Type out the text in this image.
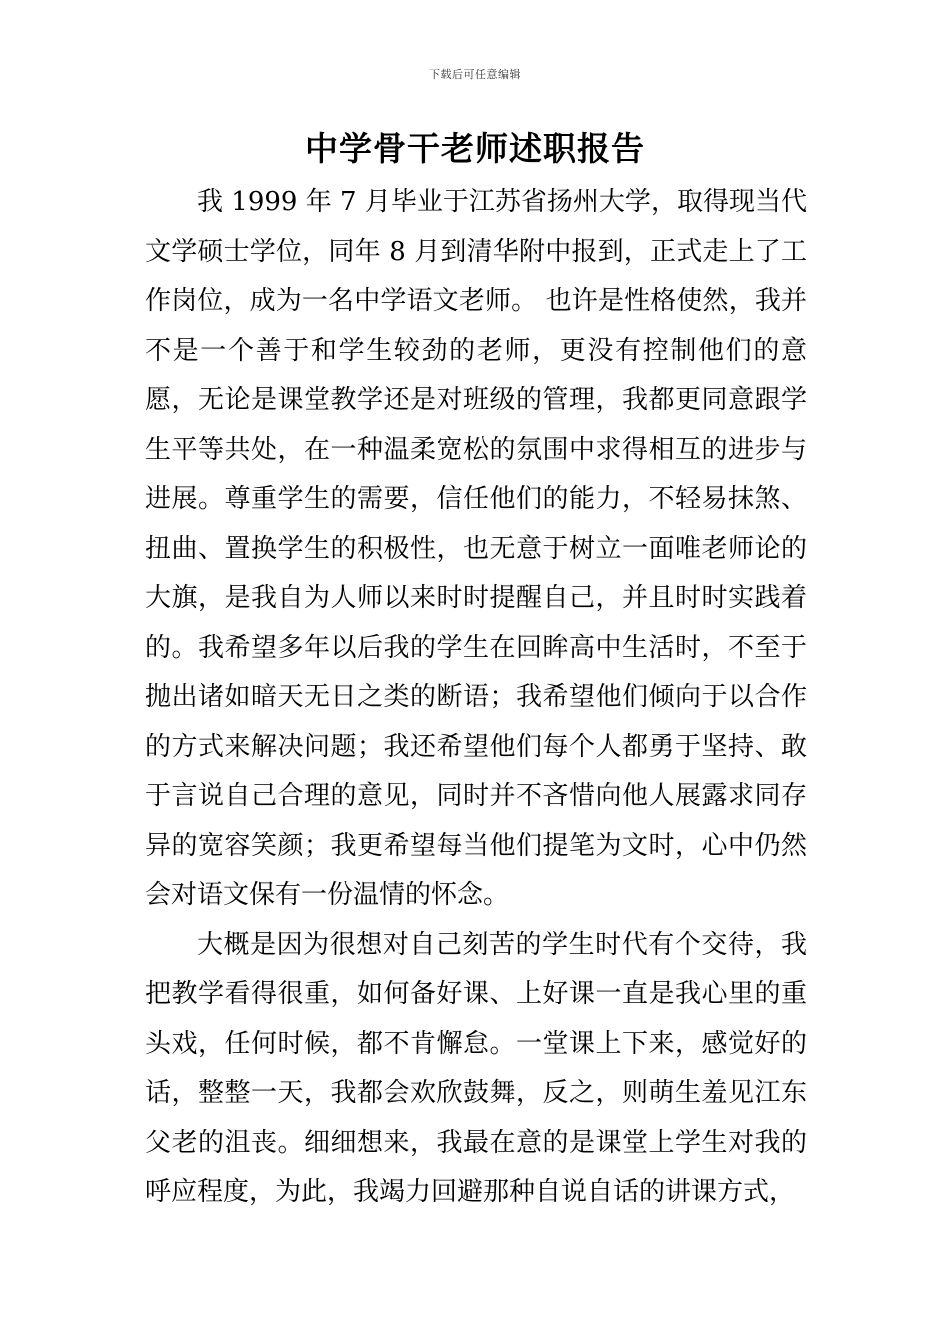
下载后可任意编辑
中学骨干老师述职报告

我 1999 年 7 月毕业于江苏省扬州大学，取得现当代文学硕士学位，同年 8 月到清华附中报到，正式走上了工作岗位，成为一名中学语文老师。 也许是性格使然，我并不是一个善于和学生较劲的老师，更没有控制他们的意愿，无论是课堂教学还是对班级的管理，我都更同意跟学生平等共处，在一种温柔宽松的氛围中求得相互的进步与进展。尊重学生的需要，信任他们的能力，不轻易抹煞、扭曲、置换学生的积极性，也无意于树立一面唯老师论的大旗，是我自为人师以来时时提醒自己，并且时时实践着的。我希望多年以后我的学生在回眸高中生活时，不至于抛出诸如暗天无日之类的断语；我希望他们倾向于以合作的方式来解决问题；我还希望他们每个人都勇于坚持、敢于言说自己合理的意见，同时并不吝惜向他人展露求同存异的宽容笑颜；我更希望每当他们提笔为文时，心中仍然会对语文保有一份温情的怀念。

大概是因为很想对自己刻苦的学生时代有个交待，我把教学看得很重，如何备好课、上好课一直是我心里的重头戏，任何时候，都不肯懈怠。一堂课上下来，感觉好的话，整整一天，我都会欢欣鼓舞，反之，则萌生羞见江东父老的沮丧。细细想来，我最在意的是课堂上学生对我的呼应程度，为此，我竭力回避那种自说自话的讲课方式，
